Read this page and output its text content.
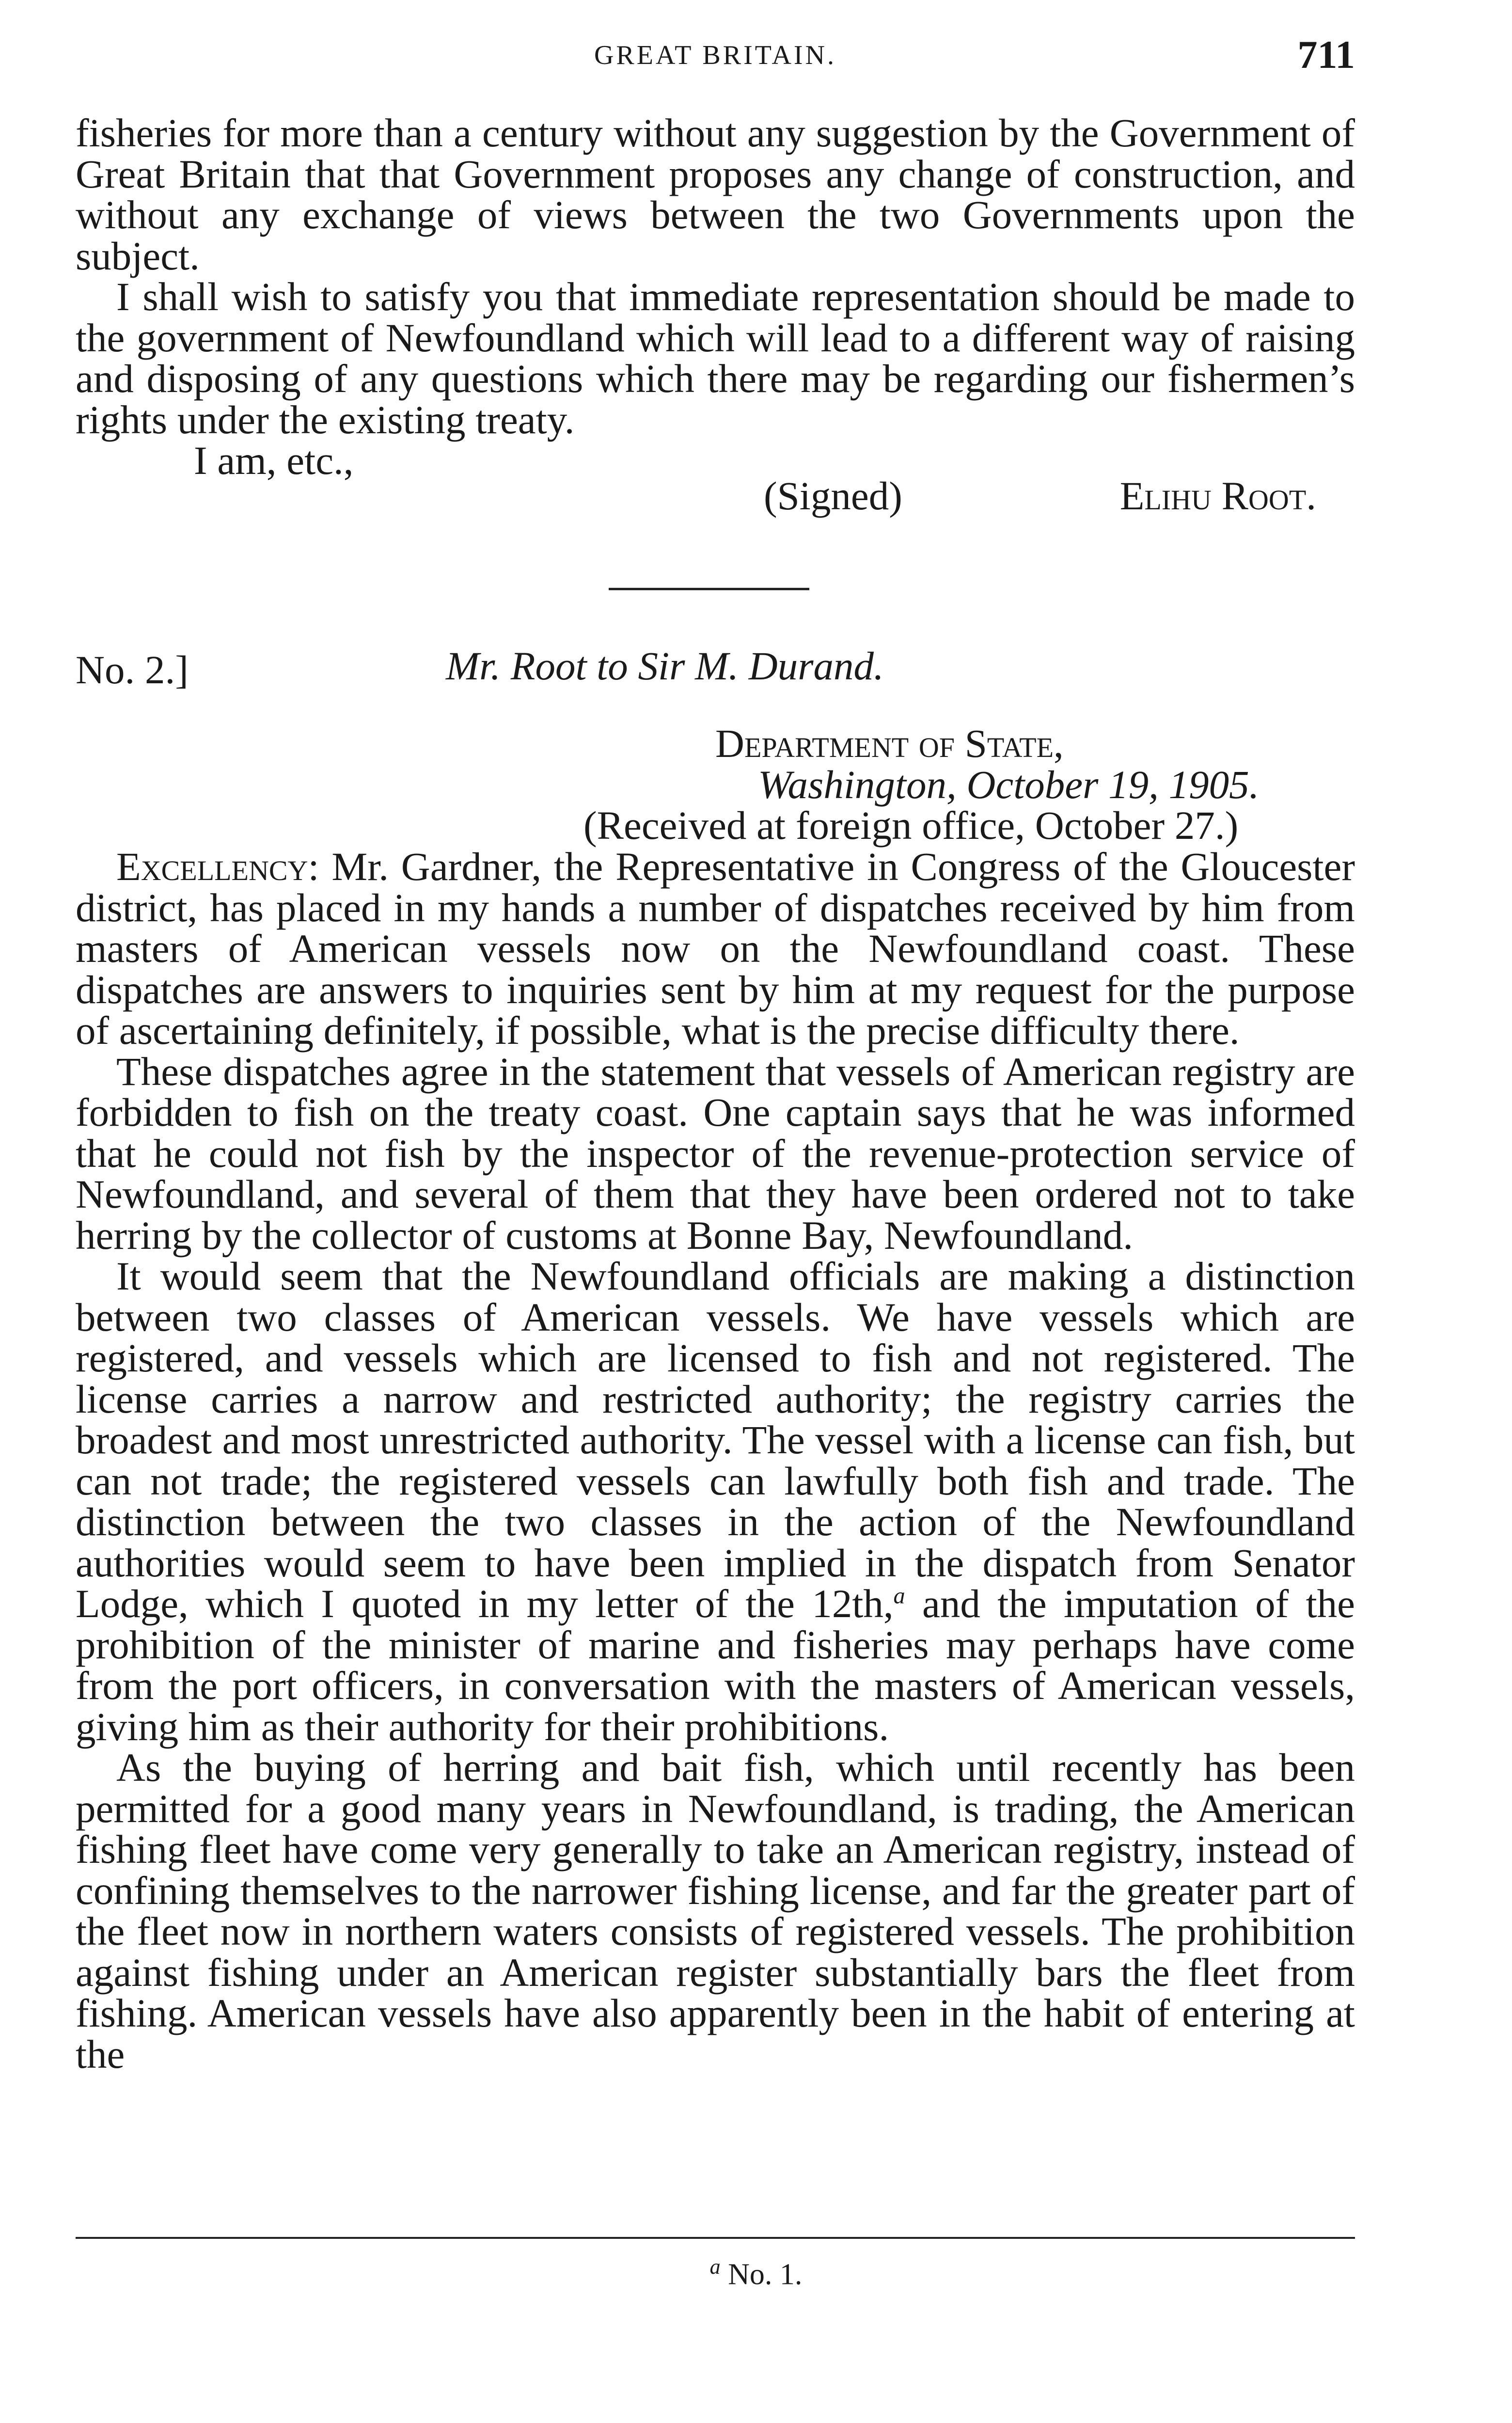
GREAT BRITAIN.	711

fisheries for more than a century without any suggestion by the Government of Great Britain that that Government proposes any change of construction, and without any exchange of views between the two Governments upon the subject.

I shall wish to satisfy you that immediate representation should be made to the government of Newfoundland which will lead to a different way of raising and disposing of any questions which there may be regarding our fishermen’s rights under the existing treaty.

I am, etc.,

(Signed)	Elihu Root.
No. 2.]	Mr. Root to Sir M. Durand.

Department of State,

Washington, October 19, 1905.

(Received at foreign office, October 27.)

Excellency: Mr. Gardner, the Representative in Congress of the Gloucester district, has placed in my hands a number of dispatches received by him from masters of American vessels now on the Newfoundland coast. These dispatches are answers to inquiries sent by him at my request for the purpose of ascertaining definitely, if possible, what is the precise difficulty there.

These dispatches agree in the statement that vessels of American registry are forbidden to fish on the treaty coast. One captain says that he was informed that he could not fish by the inspector of the revenue-protection service of Newfoundland, and several of them that they have been ordered not to take herring by the collector of customs at Bonne Bay, Newfoundland.

It would seem that the Newfoundland officials are making a distinction between two classes of American vessels. We have vessels which are registered, and vessels which are licensed to fish and not registered. The license carries a narrow and restricted authority; the registry carries the broadest and most unrestricted authority. The vessel with a license can fish, but can not trade; the registered vessels can lawfully both fish and trade. The distinction between the two classes in the action of the Newfoundland authorities would seem to have been implied in the dispatch from Senator Lodge, which I quoted in my letter of the 12th,$^a$ and the imputation of the prohibition of the minister of marine and fisheries may perhaps have come from the port officers, in conversation with the masters of American vessels, giving him as their authority for their prohibitions.

As the buying of herring and bait fish, which until recently has been permitted for a good many years in Newfoundland, is trading, the American fishing fleet have come very generally to take an American registry, instead of confining themselves to the narrower fishing license, and far the greater part of the fleet now in northern waters consists of registered vessels. The prohibition against fishing under an American register substantially bars the fleet from fishing. American vessels have also apparently been in the habit of entering at the

$^a$ No. 1.
